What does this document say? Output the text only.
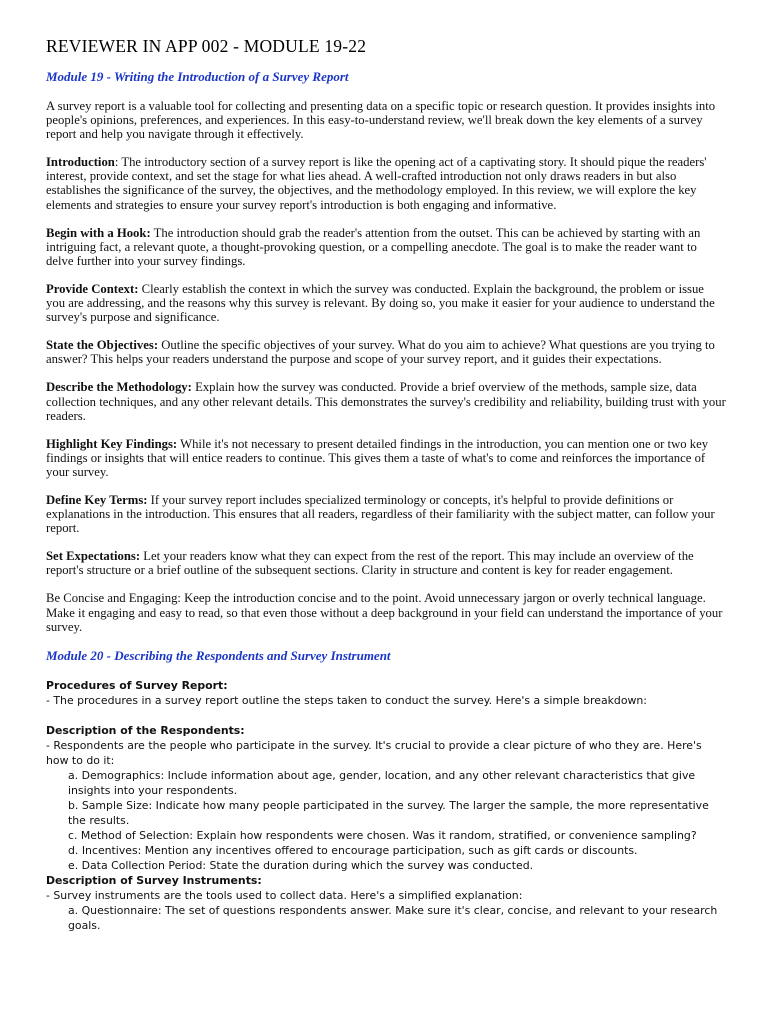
REVIEWER IN APP 002 - MODULE 19-22
Module 19 - Writing the Introduction of a Survey Report

A survey report is a valuable tool for collecting and presenting data on a specific topic or research question. It provides insights into people's opinions, preferences, and experiences. In this easy-to-understand review, we'll break down the key elements of a survey report and help you navigate through it effectively.

Introduction: The introductory section of a survey report is like the opening act of a captivating story. It should pique the readers' interest, provide context, and set the stage for what lies ahead. A well-crafted introduction not only draws readers in but also establishes the significance of the survey, the objectives, and the methodology employed. In this review, we will explore the key elements and strategies to ensure your survey report's introduction is both engaging and informative.

Begin with a Hook: The introduction should grab the reader's attention from the outset. This can be achieved by starting with an intriguing fact, a relevant quote, a thought-provoking question, or a compelling anecdote. The goal is to make the reader want to delve further into your survey findings.

Provide Context: Clearly establish the context in which the survey was conducted. Explain the background, the problem or issue you are addressing, and the reasons why this survey is relevant. By doing so, you make it easier for your audience to understand the survey's purpose and significance.

State the Objectives: Outline the specific objectives of your survey. What do you aim to achieve? What questions are you trying to answer? This helps your readers understand the purpose and scope of your survey report, and it guides their expectations.

Describe the Methodology: Explain how the survey was conducted. Provide a brief overview of the methods, sample size, data collection techniques, and any other relevant details. This demonstrates the survey's credibility and reliability, building trust with your readers.

Highlight Key Findings: While it's not necessary to present detailed findings in the introduction, you can mention one or two key findings or insights that will entice readers to continue. This gives them a taste of what's to come and reinforces the importance of your survey.

Define Key Terms: If your survey report includes specialized terminology or concepts, it's helpful to provide definitions or explanations in the introduction. This ensures that all readers, regardless of their familiarity with the subject matter, can follow your report.

Set Expectations: Let your readers know what they can expect from the rest of the report. This may include an overview of the report's structure or a brief outline of the subsequent sections. Clarity in structure and content is key for reader engagement.

Be Concise and Engaging: Keep the introduction concise and to the point. Avoid unnecessary jargon or overly technical language. Make it engaging and easy to read, so that even those without a deep background in your field can understand the importance of your survey.

Module 20 - Describing the Respondents and Survey Instrument
Procedures of Survey Report:
- The procedures in a survey report outline the steps taken to conduct the survey. Here's a simple breakdown:
Description of the Respondents:
- Respondents are the people who participate in the survey. It's crucial to provide a clear picture of who they are. Here's how to do it:
a. Demographics: Include information about age, gender, location, and any other relevant characteristics that give insights into your respondents.
b. Sample Size: Indicate how many people participated in the survey. The larger the sample, the more representative the results.
c. Method of Selection: Explain how respondents were chosen. Was it random, stratified, or convenience sampling?
d. Incentives: Mention any incentives offered to encourage participation, such as gift cards or discounts.
e. Data Collection Period: State the duration during which the survey was conducted.
Description of Survey Instruments:
- Survey instruments are the tools used to collect data. Here's a simplified explanation:
a. Questionnaire: The set of questions respondents answer. Make sure it's clear, concise, and relevant to your research goals.
